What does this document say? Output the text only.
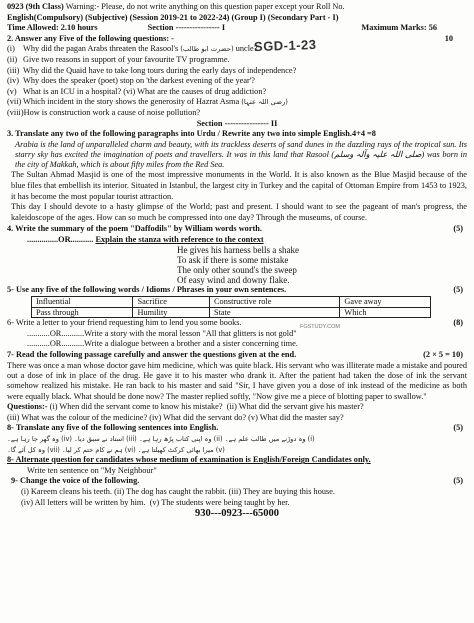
SGD-1-23
0923
(9th Class)
Warning:- Please, do not write anything on this question paper except your Roll No.
English(Compulsory) (Subjective) (Session 2019-21 to 2022-24) (Group I) (Secondary Part - I)
Time Allowed: 2.10 hours	Section ---------------- I	Maximum Marks:
56
2. Answer any Five of the following questions: -	10
(i) Why did the pagan Arabs threaten the Rasool's
(حضرت ابو طالب)
uncle?
(ii) Give two reasons in support of your favourite TV programme.
(iii) Why did the Quaid have to take long tours during the early days of independence?
(iv) Why does the speaker (poet) stop on 'the darkest evening of the year'?
(v) What is an ICU in a hospital?
(vi) What are the causes of drug addiction?
(vii) Which incident in the story shows the generosity of Hazrat Asma
(رضی اللہ عنہا)
(viii) How is construction work a cause of noise pollution?
Section ---------------- II
3. Translate any two of the following paragraphs into Urdu / Rewrite any two into simple English.4+4 =8
Arabia is the land of unparalleled charm and beauty, with its trackless deserts of sand dunes in the dazzling rays of the tropical sun. Its starry sky has excited the imagination of poets and travellers. It was in this land that Rasool (صلی اللہ علیہ وآلہ وسلم) was born in the city of Makkah, which is about fifty miles from the Red Sea.
The Sultan Ahmad Masjid is one of the most impressive monuments in the World. It is also known as the Blue Masjid because of the blue files that embellish its interior. Situated in Istanbul, the largest city in Turkey and the capital of Ottoman Empire from 1453 to 1923, it has become the most popular tourist attraction.
This day I should devote to a hasty glimpse of the World; past and present. I should want to see the pageant of man's progress, the kaleidoscope of the ages. How can so much be compressed into one day? Through the museums, of course.
4. Write the summary of the poem "Daffodils" by William words worth.	(5)
...............OR...........
Explain the stanza with reference to the context
He gives his harness bells a shake
To ask if there is some mistake
The only other sound's the sweep
Of easy wind and downy flake.
5- Use any five of the following words / Idioms / Phrases in your own sentences.	(5)
Influential	Sacrifice	Constructive role	Gave away
Pass through	Humility	State	Which
6- Write a letter to your friend requesting him to lend you some books.	(8)
...........OR...........Write a story with the moral lesson "All that glitters is not gold"
...........OR...........Write a dialogue between a brother and a sister concerning time.
7- Read the following passage carefully and answer the questions given at the end.	(2 × 5 = 10)
There was once a man whose doctor gave him medicine, which was quite black. His servant who was illiterate made a mistake and poured out a dose of ink in place of the drug. He gave it to his master who drank it. After the patient had taken the dose of ink the servant somehow realized his mistake. He ran back to his master and said "Sir, I have given you a dose of ink instead of the medicine as both were equally black. What should be done now? The master replied softly, "Now give me a piece of blotting paper to swallow."
Questions:-
(i) When did the servant come to know his mistake?
(ii) What did the servant give his master?
(iii) What was the colour of the medicine?
(iv) What did the servant do?
(v) What did the master say?
8- Translate any five of the following sentences into English.	(5)
(i) وہ دوڑنے میں طالب علم ہے۔ (ii) وہ اپنی کتاب پڑھ رہا ہے۔ (iii) استاد نے سبق دیا۔ (iv) وہ گھر جا رہا ہے۔
(v) میرا بھائی کرکٹ کھیلتا ہے۔ (vi) ہم نے کام ختم کر لیا۔ (vii) وہ کل آئے گا۔
8- Alternate question for candidates whose medium of examination is English/Foreign Candidates only.
Write ten sentence on "My Neighbour"
9- Change the voice of the following.	(5)
(i) Kareem cleans his teeth.
(ii) The dog has caught the rabbit.
(iii) They are buying this house.
(iv) All letters will be written by him.
(v) The students were being taught by her.
930---0923---65000
FGSTUDY.COM
